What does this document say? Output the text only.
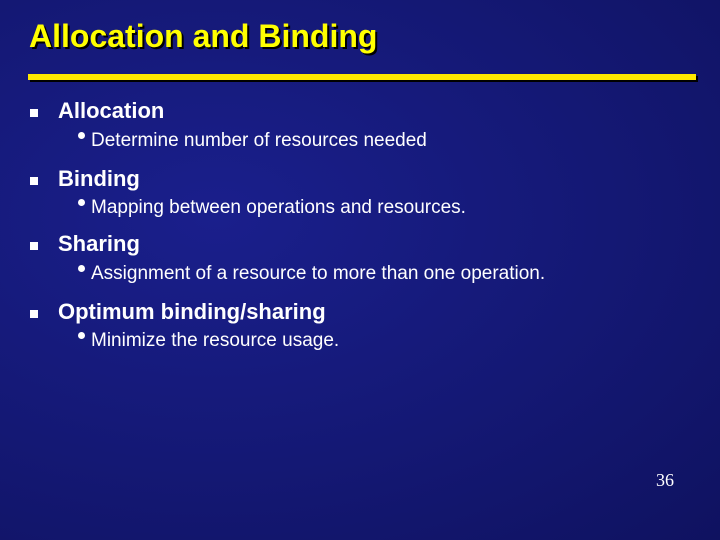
Allocation and Binding
Allocation
Determine number of resources needed
Binding
Mapping between operations and resources.
Sharing
Assignment of a resource to more than one operation.
Optimum binding/sharing
Minimize the resource usage.
36
